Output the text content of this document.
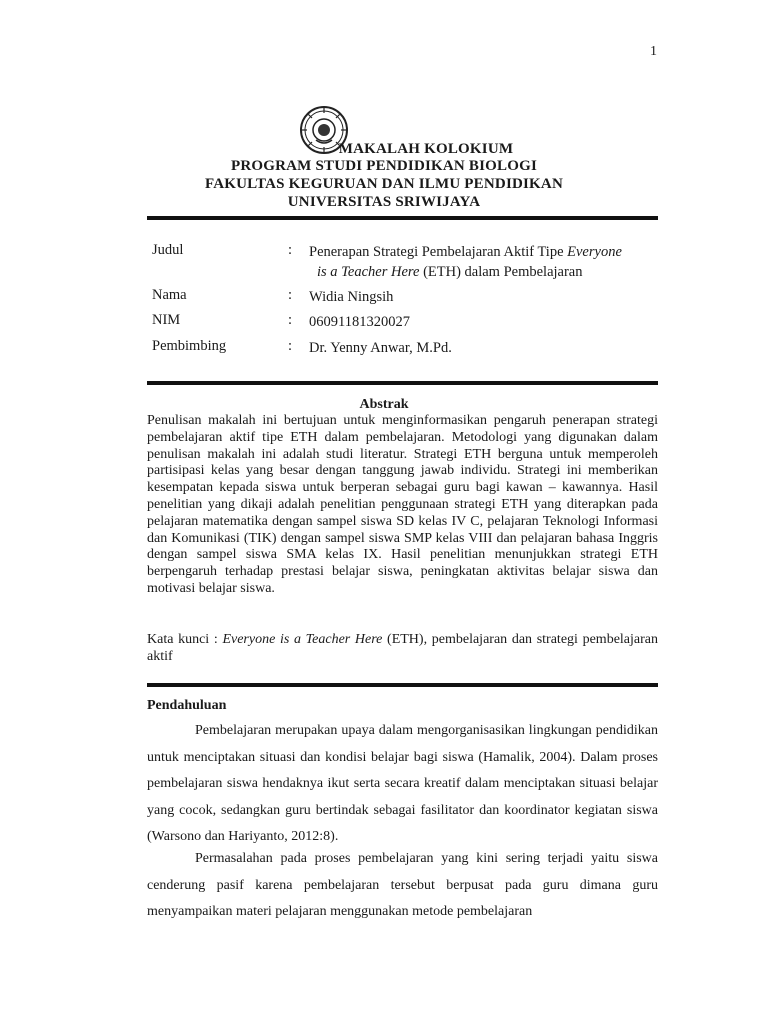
1
MAKALAH KOLOKIUM
PROGRAM STUDI PENDIDIKAN BIOLOGI
FAKULTAS KEGURUAN DAN ILMU PENDIDIKAN
UNIVERSITAS SRIWIJAYA
Judul	: Penerapan Strategi Pembelajaran Aktif Tipe Everyone
is a Teacher Here (ETH) dalam Pembelajaran
Nama	: Widia Ningsih
NIM	: 06091181320027
Pembimbing	: Dr. Yenny Anwar, M.Pd.
Abstrak
Penulisan makalah ini bertujuan untuk menginformasikan pengaruh penerapan strategi pembelajaran aktif tipe ETH dalam pembelajaran. Metodologi yang digunakan dalam penulisan makalah ini adalah studi literatur. Strategi ETH berguna untuk memperoleh partisipasi kelas yang besar dengan tanggung jawab individu. Strategi ini memberikan kesempatan kepada siswa untuk berperan sebagai guru bagi kawan – kawannya. Hasil penelitian yang dikaji adalah penelitian penggunaan strategi ETH yang diterapkan pada pelajaran matematika dengan sampel siswa SD kelas IV C, pelajaran Teknologi Informasi dan Komunikasi (TIK) dengan sampel siswa SMP kelas VIII dan pelajaran bahasa Inggris dengan sampel siswa SMA kelas IX. Hasil penelitian menunjukkan strategi ETH berpengaruh terhadap prestasi belajar siswa, peningkatan aktivitas belajar siswa dan motivasi belajar siswa.
Kata kunci : Everyone is a Teacher Here (ETH), pembelajaran dan strategi pembelajaran aktif
Pendahuluan
Pembelajaran merupakan upaya dalam mengorganisasikan lingkungan pendidikan untuk menciptakan situasi dan kondisi belajar bagi siswa (Hamalik, 2004). Dalam proses pembelajaran siswa hendaknya ikut serta secara kreatif dalam menciptakan situasi belajar yang cocok, sedangkan guru bertindak sebagai fasilitator dan koordinator kegiatan siswa (Warsono dan Hariyanto, 2012:8).
Permasalahan pada proses pembelajaran yang kini sering terjadi yaitu siswa cenderung pasif karena pembelajaran tersebut berpusat pada guru dimana guru menyampaikan materi pelajaran menggunakan metode pembelajaran
